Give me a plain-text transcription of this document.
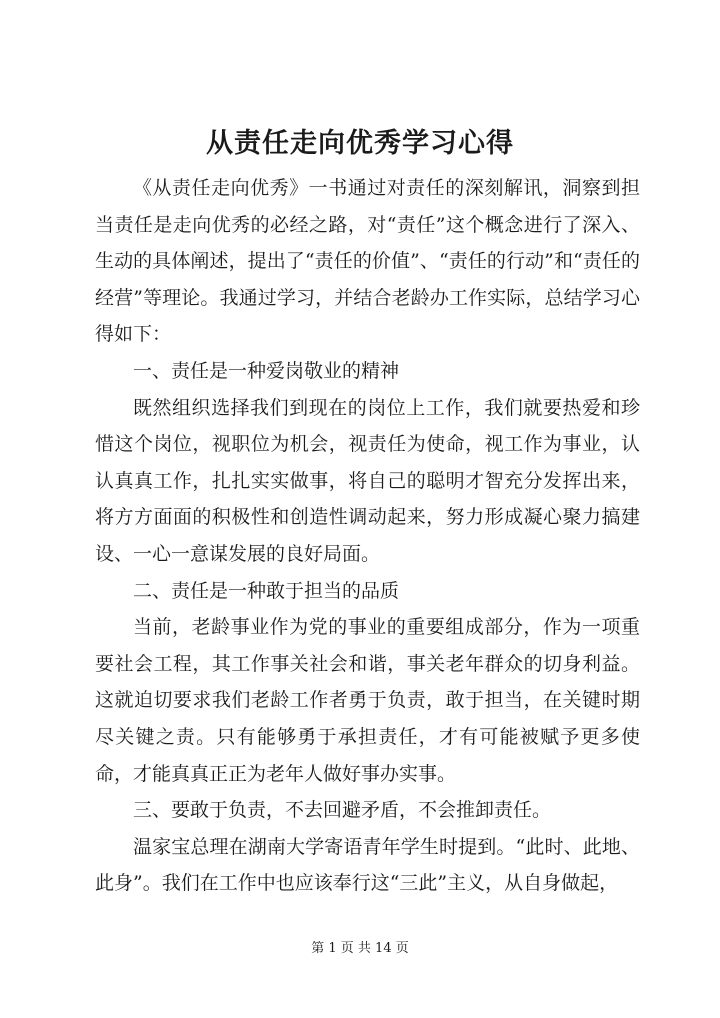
从责任走向优秀学习心得

《从责任走向优秀》一书通过对责任的深刻解讯，洞察到担当责任是走向优秀的必经之路，对“责任”这个概念进行了深入、生动的具体阐述，提出了“责任的价值”、“责任的行动”和“责任的经营”等理论。我通过学习，并结合老龄办工作实际，总结学习心得如下：

一、责任是一种爱岗敬业的精神

既然组织选择我们到现在的岗位上工作，我们就要热爱和珍惜这个岗位，视职位为机会，视责任为使命，视工作为事业，认认真真工作，扎扎实实做事，将自己的聪明才智充分发挥出来，将方方面面的积极性和创造性调动起来，努力形成凝心聚力搞建设、一心一意谋发展的良好局面。

二、责任是一种敢于担当的品质

当前，老龄事业作为党的事业的重要组成部分，作为一项重要社会工程，其工作事关社会和谐，事关老年群众的切身利益。这就迫切要求我们老龄工作者勇于负责，敢于担当，在关键时期尽关键之责。只有能够勇于承担责任，才有可能被赋予更多使命，才能真真正正为老年人做好事办实事。

三、要敢于负责，不去回避矛盾，不会推卸责任。

温家宝总理在湖南大学寄语青年学生时提到。“此时、此地、此身”。我们在工作中也应该奉行这“三此”主义，从自身做起，

第 1 页 共 14 页
